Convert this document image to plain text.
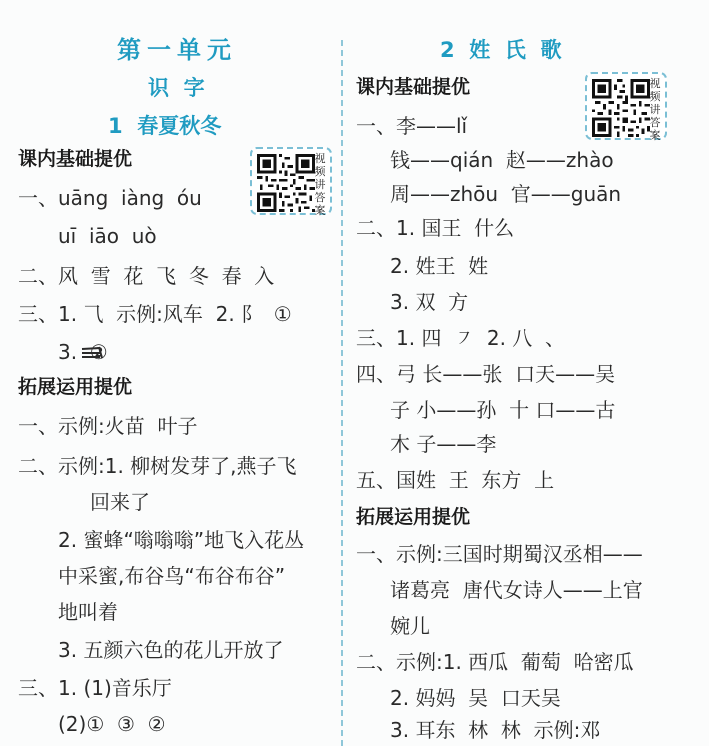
第一单元
识  字
1  春夏秋冬
视频讲答案
课内基础提优
一、uāng  iàng  óu
uī  iāo  uò
二、风  雪  花  飞  冬  春  入
三、1. ⺄  示例:风车  2. 阝  ①
3.  ②
拓展运用提优
一、示例:火苗  叶子
二、示例:1. 柳树发芽了,燕子飞
回来了
2. 蜜蜂“嗡嗡嗡”地飞入花丛
中采蜜,布谷鸟“布谷布谷”
地叫着
3. 五颜六色的花儿开放了
三、1. (1)音乐厅
(2)①  ③  ②
2  姓  氏  歌
视频讲答案
课内基础提优
一、李——lǐ
钱——qián  赵——zhào
周——zhōu  官——guān
二、1. 国王  什么
2. 姓王  姓
3. 双  方
三、1. 四  ㇇  2. 八  、
四、弓 长——张  口天——吴
子 小——孙  十 口——古
木 子——李
五、国姓  王  东方  上
拓展运用提优
一、示例:三国时期蜀汉丞相——
诸葛亮  唐代女诗人——上官
婉儿
二、示例:1. 西瓜  葡萄  哈密瓜
2. 妈妈  吴  口天吴
3. 耳东  林  林  示例:邓
